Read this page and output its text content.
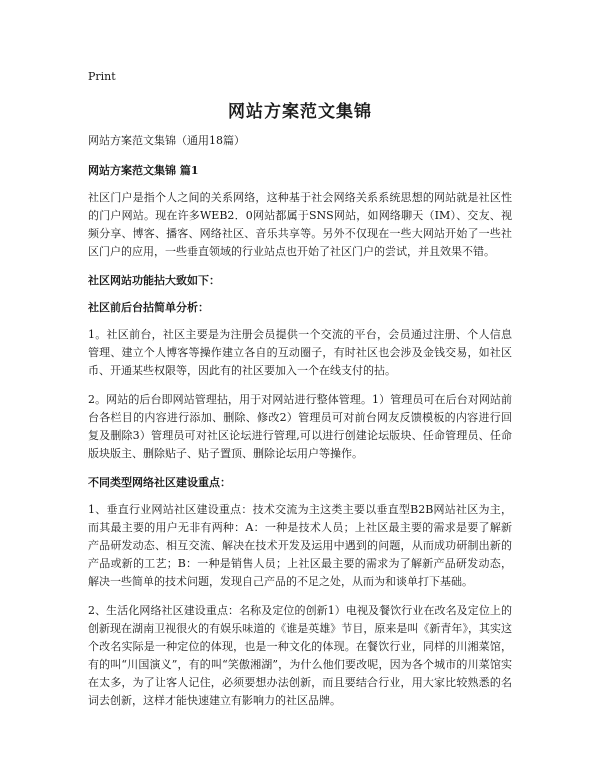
Print
网站方案范文集锦

网站方案范文集锦（通用18篇）

网站方案范文集锦 篇1

社区门户是指个人之间的关系网络，这种基于社会网络关系系统思想的网站就是社区性的门户网站。现在许多WEB2．0网站都属于SNS网站，如网络聊天（IM）、交友、视频分享、博客、播客、网络社区、音乐共享等。另外不仅现在一些大网站开始了一些社区门户的应用，一些垂直领域的行业站点也开始了社区门户的尝试，并且效果不错。

社区网站功能拈大致如下：

社区前后台拈简单分析：

1。社区前台，社区主要是为注册会员提供一个交流的平台，会员通过注册、个人信息管理、建立个人博客等操作建立各自的互动圈子，有时社区也会涉及金钱交易，如社区币、开通某些权限等，因此有的社区要加入一个在线支付的拈。

2。网站的后台即网站管理拈，用于对网站进行整体管理。1）管理员可在后台对网站前台各栏目的内容进行添加、删除、修改2）管理员可对前台网友反馈模板的内容进行回复及删除3）管理员可对社区论坛进行管理,可以进行创建论坛版块、任命管理员、任命版块版主、删除贴子、贴子置顶、删除论坛用户等操作。

不同类型网络社区建设重点：

1、垂直行业网站社区建设重点：技术交流为主这类主要以垂直型B2B网站社区为主，而其最主要的用户无非有两种：A：一种是技术人员；上社区最主要的需求是要了解新产品研发动态、相互交流、解决在技术开发及运用中遇到的问题，从而成功研制出新的产品或新的工艺；B：一种是销售人员；上社区最主要的需求为了解新产品研发动态，解决一些简单的技术问题，发现自己产品的不足之处，从而为和谈单打下基础。

2、生活化网络社区建设重点：名称及定位的创新1）电视及餐饮行业在改名及定位上的创新现在湖南卫视很火的有娱乐味道的《谁是英雄》节目，原来是叫《新青年》，其实这个改名实际是一种定位的体现，也是一种文化的体现。在餐饮行业，同样的川湘菜馆，有的叫“川国演义”，有的叫“笑傲湘湖”，为什么他们要改呢，因为各个城市的川菜馆实在太多，为了让客人记住，必须要想办法创新，而且要结合行业，用大家比较熟悉的名词去创新，这样才能快速建立有影响力的社区品牌。
